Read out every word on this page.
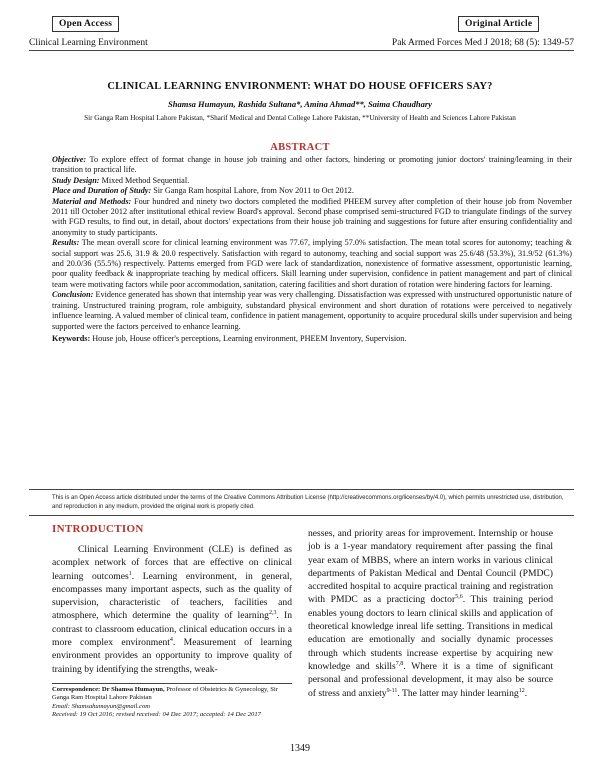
Open Access	Original Article
Clinical Learning Environment	Pak Armed Forces Med J 2018; 68 (5): 1349-57
CLINICAL LEARNING ENVIRONMENT: WHAT DO HOUSE OFFICERS SAY?
Shamsa Humayun, Rashida Sultana*, Amina Ahmad**, Saima Chaudhary
Sir Ganga Ram Hospital Lahore Pakistan, *Sharif Medical and Dental College Lahore Pakistan, **University of Health and Sciences Lahore Pakistan
ABSTRACT

Objective: To explore effect of format change in house job training and other factors, hindering or promoting junior doctors' training/learning in their transition to practical life.

Study Design: Mixed Method Sequential.

Place and Duration of Study: Sir Ganga Ram hospital Lahore, from Nov 2011 to Oct 2012.

Material and Methods: Four hundred and ninety two doctors completed the modified PHEEM survey after completion of their house job from November 2011 till October 2012 after institutional ethical review Board's approval. Second phase comprised semi-structured FGD to triangulate findings of the survey with FGD results, to find out, in detail, about doctors' expectations from their house job training and suggestions for future after ensuring confidentiality and anonymity to study participants.

Results: The mean overall score for clinical learning environment was 77.67, implying 57.0% satisfaction. The mean total scores for autonomy; teaching & social support was 25.6, 31.9 & 20.0 respectively. Satisfaction with regard to autonomy, teaching and social support was 25.6/48 (53.3%), 31.9/52 (61.3%) and 20.0/36 (55.5%) respectively. Patterns emerged from FGD were lack of standardization, nonexistence of formative assessment, opportunistic learning, poor quality feedback & inappropriate teaching by medical officers. Skill learning under supervision, confidence in patient management and part of clinical team were motivating factors while poor accommodation, sanitation, catering facilities and short duration of rotation were hindering factors for learning.

Conclusion: Evidence generated has shown that internship year was very challenging. Dissatisfaction was expressed with unstructured opportunistic nature of training. Unstructured training program, role ambiguity, substandard physical environment and short duration of rotations were perceived to negatively influence learning. A valued member of clinical team, confidence in patient management, opportunity to acquire procedural skills under supervision and being supported were the factors perceived to enhance learning.

Keywords: House job, House officer's perceptions, Learning environment, PHEEM Inventory, Supervision.

This is an Open Access article distributed under the terms of the Creative Commons Attribution License (http://creativecommons.org/licenses/by/4.0), which permits unrestricted use, distribution, and reproduction in any medium, provided the original work is properly cited.
INTRODUCTION

Clinical Learning Environment (CLE) is defined as acomplex network of forces that are effective on clinical learning outcomes$^1$. Learning environment, in general, encompasses many important aspects, such as the quality of supervision, characteristic of teachers, facilities and atmosphere, which determine the quality of learning$^{2,3}$. In contrast to classroom education, clinical education occurs in a more complex environment$^4$. Measurement of learning environment provides an opportunity to improve quality of training by identifying the strengths, weak-

nesses, and priority areas for improvement. Internship or house job is a 1-year mandatory requirement after passing the final year exam of MBBS, where an intern works in various clinical departments of Pakistan Medical and Dental Council (PMDC) accredited hospital to acquire practical training and registration with PMDC as a practicing doctor$^{5,6}$. This training period enables young doctors to learn clinical skills and application of theoretical knowledge inreal life setting. Transitions in medical education are emotionally and socially dynamic processes through which students increase expertise by acquiring new knowledge and skills$^{7,8}$. Where it is a time of significant personal and professional development, it may also be source of stress and anxiety$^{9-11}$. The latter may hinder learning$^{12}$.

Correspondence: Dr Shamsa Humayun, Professor of Obstetrics & Gynecology, Sir Ganga Ram Hospital Lahore Pakistan
Email: Shamsahumayun@gmail.com
Received: 19 Oct 2016; revised received: 04 Dec 2017; accepted: 14 Dec 2017
1349
